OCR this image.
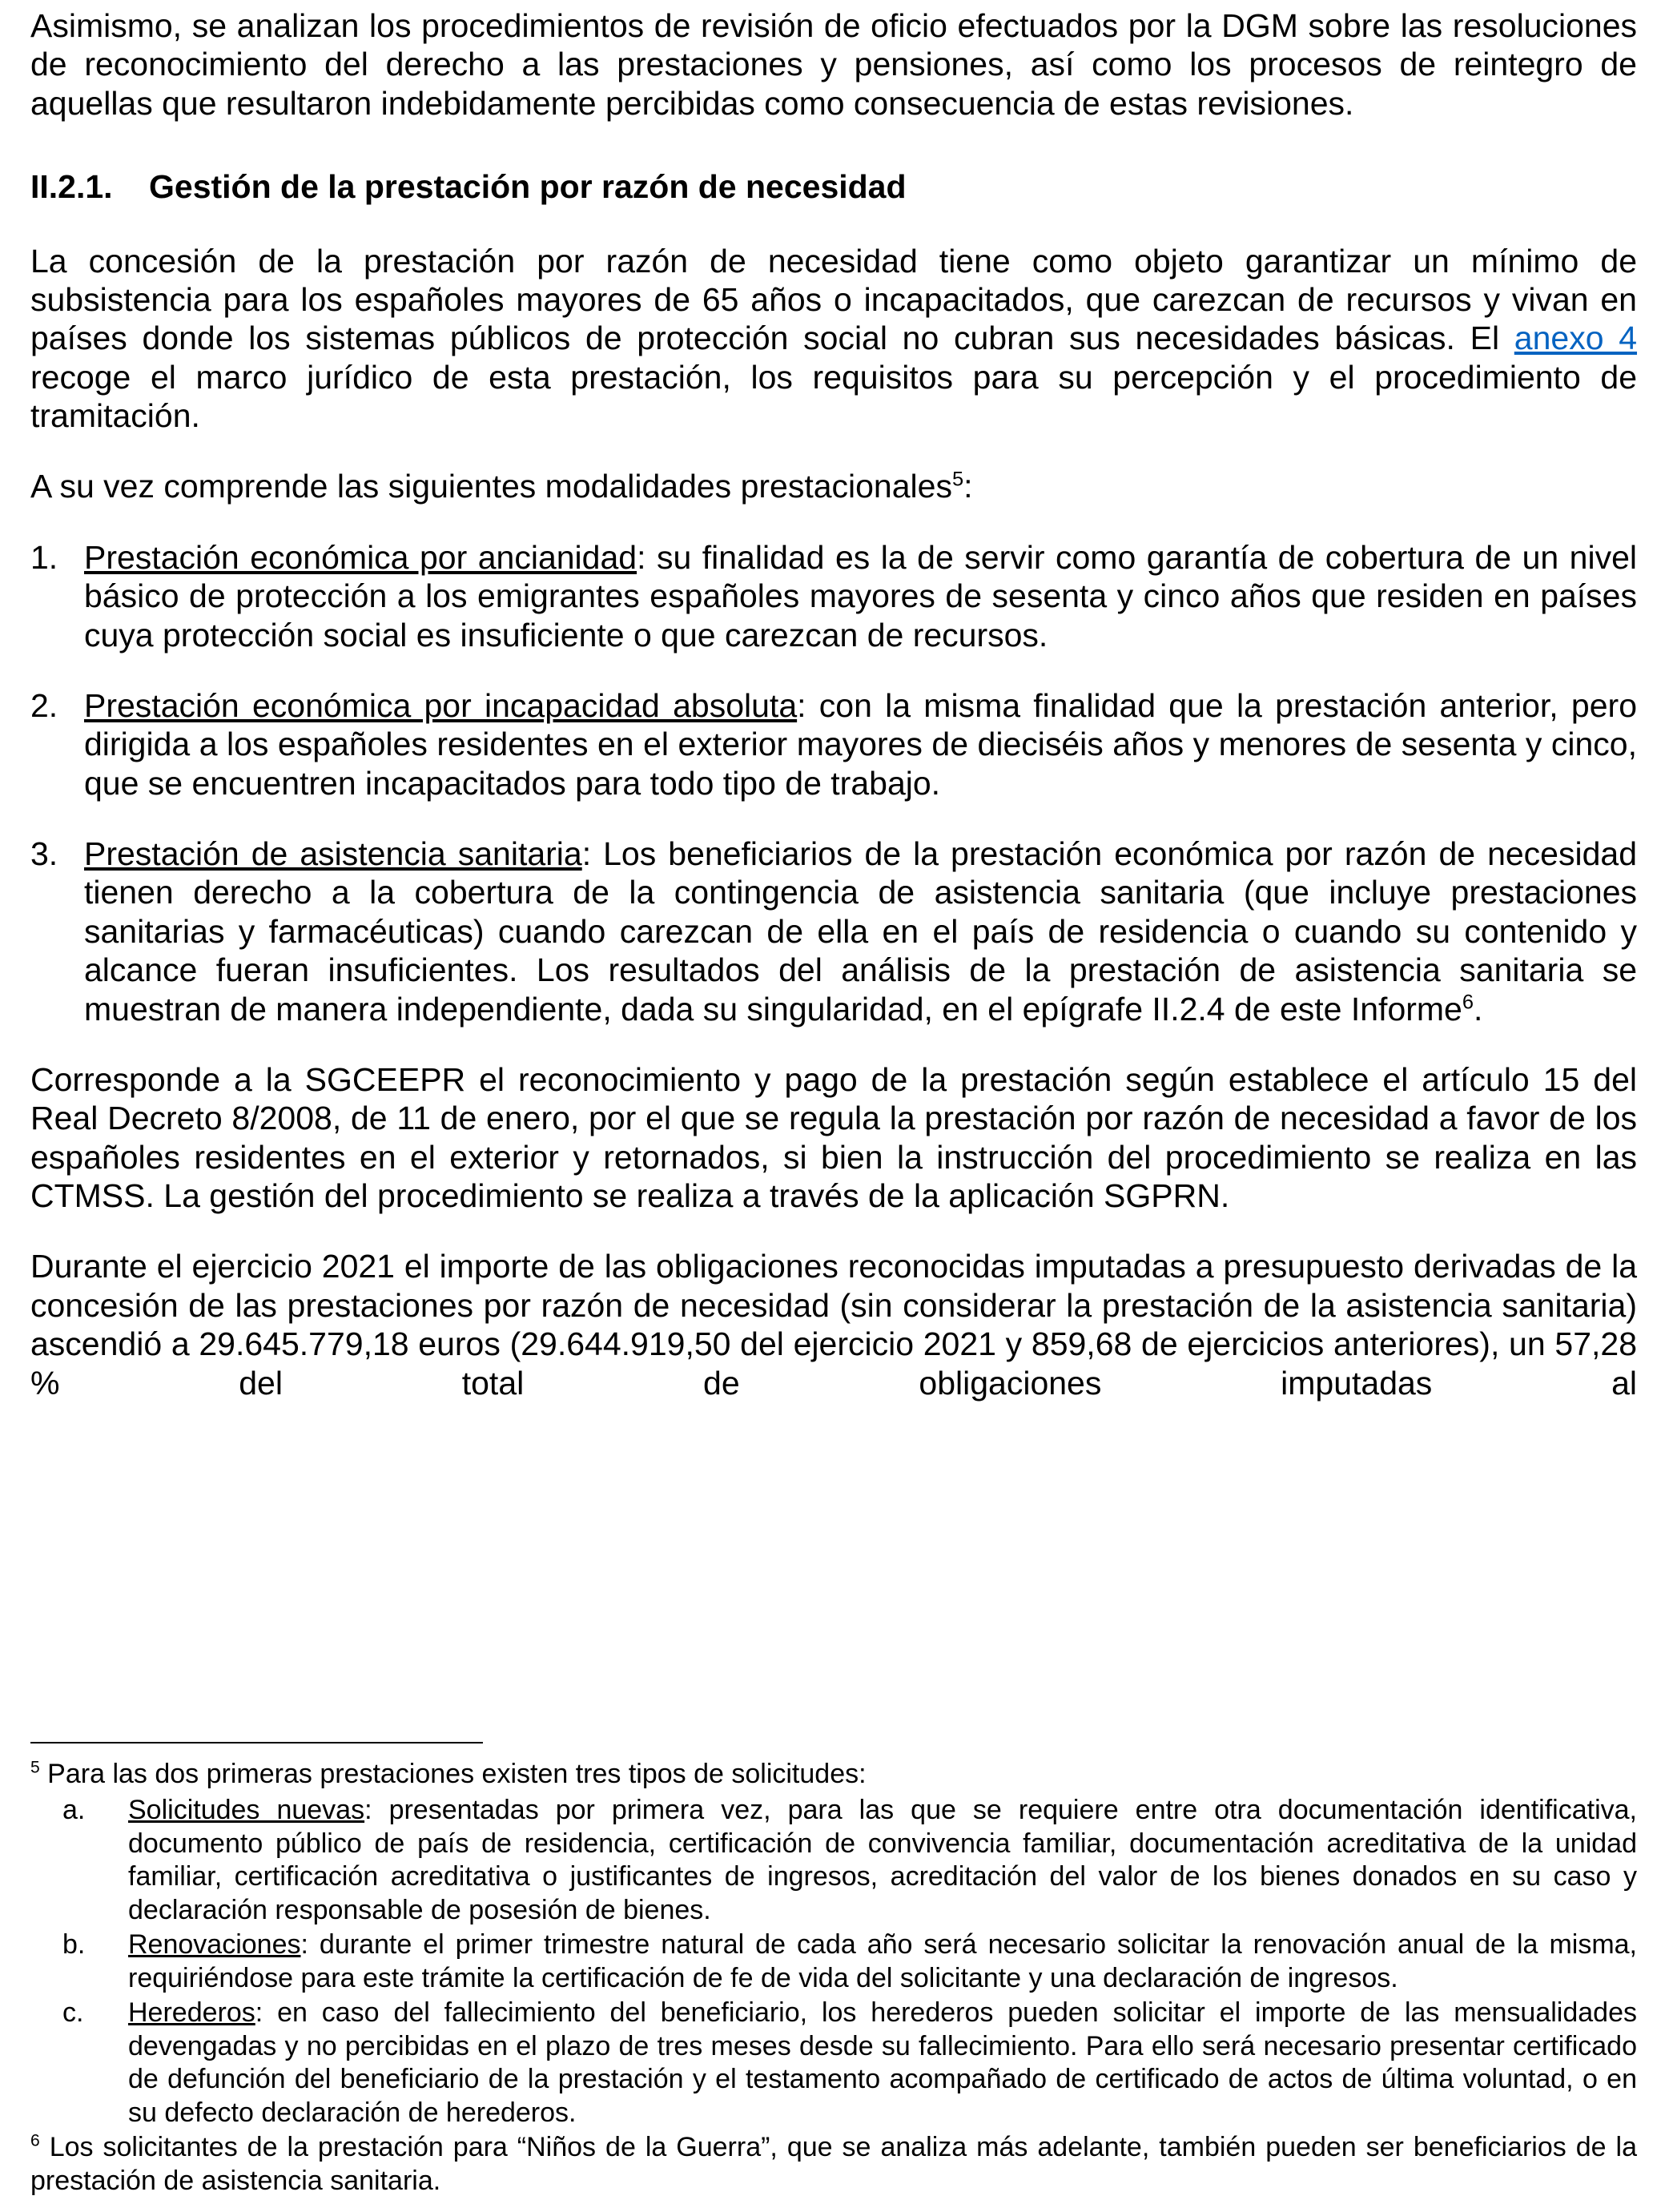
Asimismo, se analizan los procedimientos de revisión de oficio efectuados por la DGM sobre las resoluciones de reconocimiento del derecho a las prestaciones y pensiones, así como los procesos de reintegro de aquellas que resultaron indebidamente percibidas como consecuencia de estas revisiones.

II.2.1.	Gestión de la prestación por razón de necesidad

La concesión de la prestación por razón de necesidad tiene como objeto garantizar un mínimo de subsistencia para los españoles mayores de 65 años o incapacitados, que carezcan de recursos y vivan en países donde los sistemas públicos de protección social no cubran sus necesidades básicas. El anexo 4 recoge el marco jurídico de esta prestación, los requisitos para su percepción y el procedimiento de tramitación.

A su vez comprende las siguientes modalidades prestacionales$^5$:

1. Prestación económica por ancianidad: su finalidad es la de servir como garantía de cobertura de un nivel básico de protección a los emigrantes españoles mayores de sesenta y cinco años que residen en países cuya protección social es insuficiente o que carezcan de recursos.
2. Prestación económica por incapacidad absoluta: con la misma finalidad que la prestación anterior, pero dirigida a los españoles residentes en el exterior mayores de dieciséis años y menores de sesenta y cinco, que se encuentren incapacitados para todo tipo de trabajo.
3. Prestación de asistencia sanitaria: Los beneficiarios de la prestación económica por razón de necesidad tienen derecho a la cobertura de la contingencia de asistencia sanitaria (que incluye prestaciones sanitarias y farmacéuticas) cuando carezcan de ella en el país de residencia o cuando su contenido y alcance fueran insuficientes. Los resultados del análisis de la prestación de asistencia sanitaria se muestran de manera independiente, dada su singularidad, en el epígrafe II.2.4 de este Informe$^6$.

Corresponde a la SGCEEPR el reconocimiento y pago de la prestación según establece el artículo 15 del Real Decreto 8/2008, de 11 de enero, por el que se regula la prestación por razón de necesidad a favor de los españoles residentes en el exterior y retornados, si bien la instrucción del procedimiento se realiza en las CTMSS. La gestión del procedimiento se realiza a través de la aplicación SGPRN.

Durante el ejercicio 2021 el importe de las obligaciones reconocidas imputadas a presupuesto derivadas de la concesión de las prestaciones por razón de necesidad (sin considerar la prestación de la asistencia sanitaria) ascendió a 29.645.779,18 euros (29.644.919,50 del ejercicio 2021 y 859,68 de ejercicios anteriores), un 57,28 % del total de obligaciones imputadas al

$^5$ Para las dos primeras prestaciones existen tres tipos de solicitudes:

a.	Solicitudes nuevas: presentadas por primera vez, para las que se requiere entre otra documentación identificativa, documento público de país de residencia, certificación de convivencia familiar, documentación acreditativa de la unidad familiar, certificación acreditativa o justificantes de ingresos, acreditación del valor de los bienes donados en su caso y declaración responsable de posesión de bienes.
b.	Renovaciones: durante el primer trimestre natural de cada año será necesario solicitar la renovación anual de la misma, requiriéndose para este trámite la certificación de fe de vida del solicitante y una declaración de ingresos.
c.	Herederos: en caso del fallecimiento del beneficiario, los herederos pueden solicitar el importe de las mensualidades devengadas y no percibidas en el plazo de tres meses desde su fallecimiento. Para ello será necesario presentar certificado de defunción del beneficiario de la prestación y el testamento acompañado de certificado de actos de última voluntad, o en su defecto declaración de herederos.

$^6$ Los solicitantes de la prestación para “Niños de la Guerra”, que se analiza más adelante, también pueden ser beneficiarios de la prestación de asistencia sanitaria.
